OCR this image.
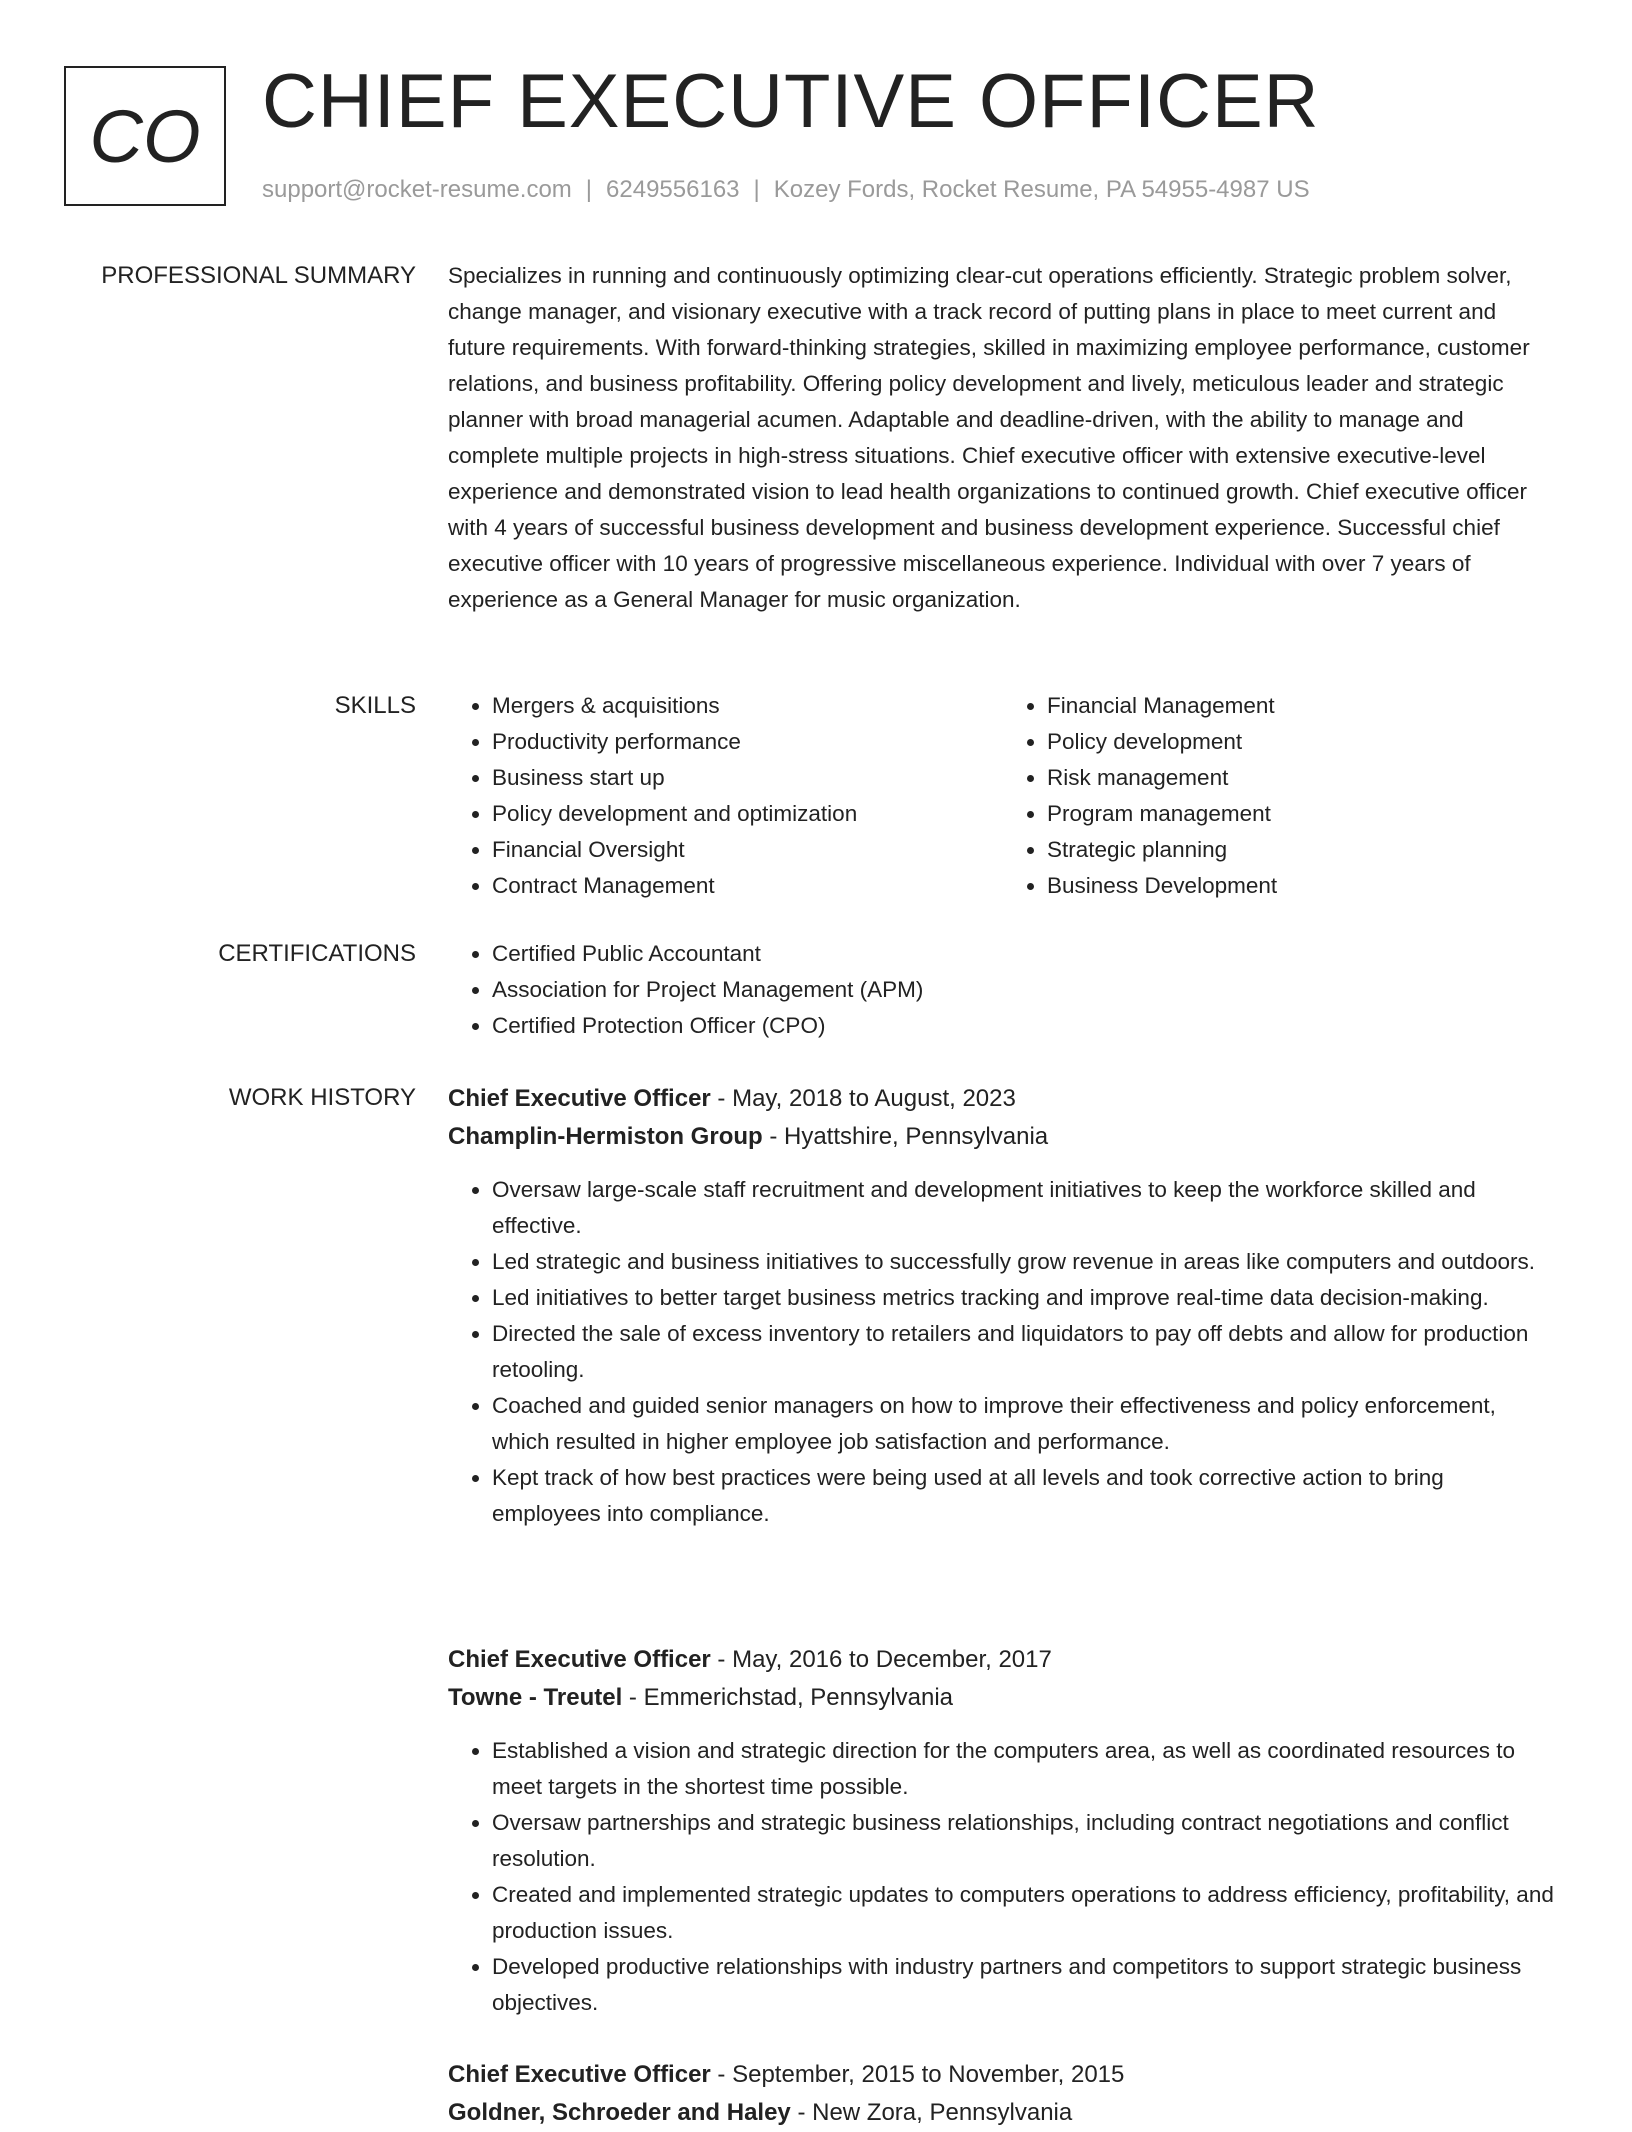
CO CHIEF EXECUTIVE OFFICER
support@rocket-resume.com | 6249556163 | Kozey Fords, Rocket Resume, PA 54955-4987 US
PROFESSIONAL SUMMARY Specializes in running and continuously optimizing clear-cut operations efficiently. Strategic problem solver, change manager, and visionary executive with a track record of putting plans in place to meet current and future requirements. With forward-thinking strategies, skilled in maximizing employee performance, customer relations, and business profitability. Offering policy development and lively, meticulous leader and strategic planner with broad managerial acumen. Adaptable and deadline-driven, with the ability to manage and complete multiple projects in high-stress situations. Chief executive officer with extensive executive-level experience and demonstrated vision to lead health organizations to continued growth. Chief executive officer with 4 years of successful business development and business development experience. Successful chief executive officer with 10 years of progressive miscellaneous experience. Individual with over 7 years of experience as a General Manager for music organization.
SKILLS	• Mergers & acquisitions
• Productivity performance
• Business start up
• Policy development and optimization
• Financial Oversight
• Contract Management
• Financial Management
• Policy development
• Risk management
• Program management
• Strategic planning
• Business Development
CERTIFICATIONS	• Certified Public Accountant
• Association for Project Management (APM)
• Certified Protection Officer (CPO)
WORK HISTORY Chief Executive Officer - May, 2018 to August, 2023
Champlin-Hermiston Group - Hyattshire, Pennsylvania
• Oversaw large-scale staff recruitment and development initiatives to keep the workforce skilled and effective.
• Led strategic and business initiatives to successfully grow revenue in areas like computers and outdoors.
• Led initiatives to better target business metrics tracking and improve real-time data decision-making.
• Directed the sale of excess inventory to retailers and liquidators to pay off debts and allow for production retooling.
• Coached and guided senior managers on how to improve their effectiveness and policy enforcement, which resulted in higher employee job satisfaction and performance.
• Kept track of how best practices were being used at all levels and took corrective action to bring employees into compliance.
Chief Executive Officer - May, 2016 to December, 2017
Towne - Treutel - Emmerichstad, Pennsylvania
• Established a vision and strategic direction for the computers area, as well as coordinated resources to meet targets in the shortest time possible.
• Oversaw partnerships and strategic business relationships, including contract negotiations and conflict resolution.
• Created and implemented strategic updates to computers operations to address efficiency, profitability, and production issues.
• Developed productive relationships with industry partners and competitors to support strategic business objectives.
Chief Executive Officer - September, 2015 to November, 2015
Goldner, Schroeder and Haley - New Zora, Pennsylvania
